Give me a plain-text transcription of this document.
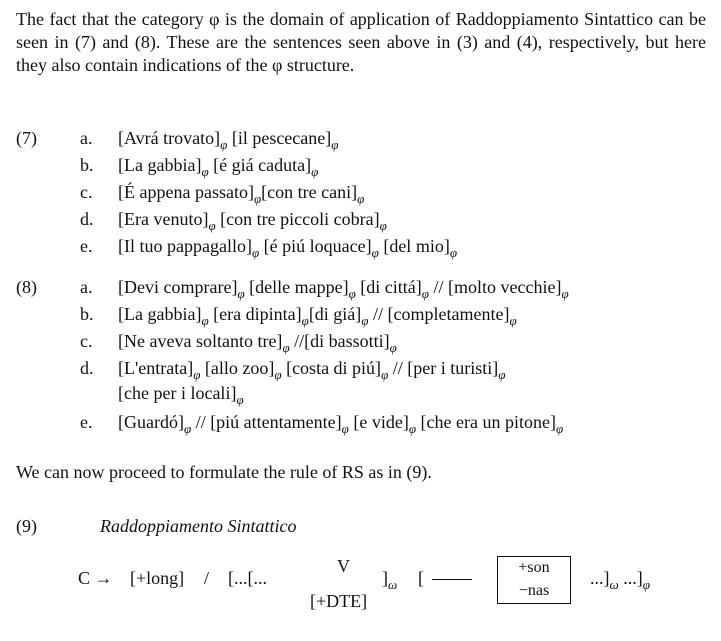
The fact that the category φ is the domain of application of Raddoppiamento Sintattico can be seen in (7) and (8). These are the sentences seen above in (3) and (4), respectively, but here they also contain indications of the φ structure.

(7) a. [Avrá $trovato]_\varphi$ [il $pescecane]_\varphi$
b. [La $gabbia]_\varphi$ [é giá $caduta]_\varphi$
c. [É appena $passato]_\varphi[con$ tre $cani]_\varphi$
d. [Era $venuto]_\varphi$ [con tre piccoli $cobra]_\varphi$
e. [Il tuo $pappagallo]_\varphi$ [é piú $loquace]_\varphi$ [del $mio]_\varphi$
(8) a. [Devi $comprare]_\varphi$ [delle $mappe]_\varphi$ [di $cittá]_\varphi$ // [molto $vecchie]_\varphi$
b. [La $gabbia]_\varphi$ [era $dipinta]_\varphi[di$ $giá]_\varphi$ // $[completamente]_\varphi$
c. [Ne aveva soltanto $tre]_\varphi$ //[di $bassotti]_\varphi$
d. $[L'entrata]_\varphi$ [allo $zoo]_\varphi$ [costa di $piú]_\varphi // [per$ i $turisti]_\varphi$
[che per i $locali]_\varphi$
e. $[Guardó]_\varphi$ // [piú $attentamente]_\varphi$ [e $vide]_\varphi$ [che era un $pitone]_\varphi$

We can now proceed to formulate the rule of RS as in (9).

(9)	Raddoppiamento Sintattico
C → [+long] / [...[...
V
[+DTE]
]$_\omega$ [
+son
−nas
$...]_\omega$ $...]_\varphi$
